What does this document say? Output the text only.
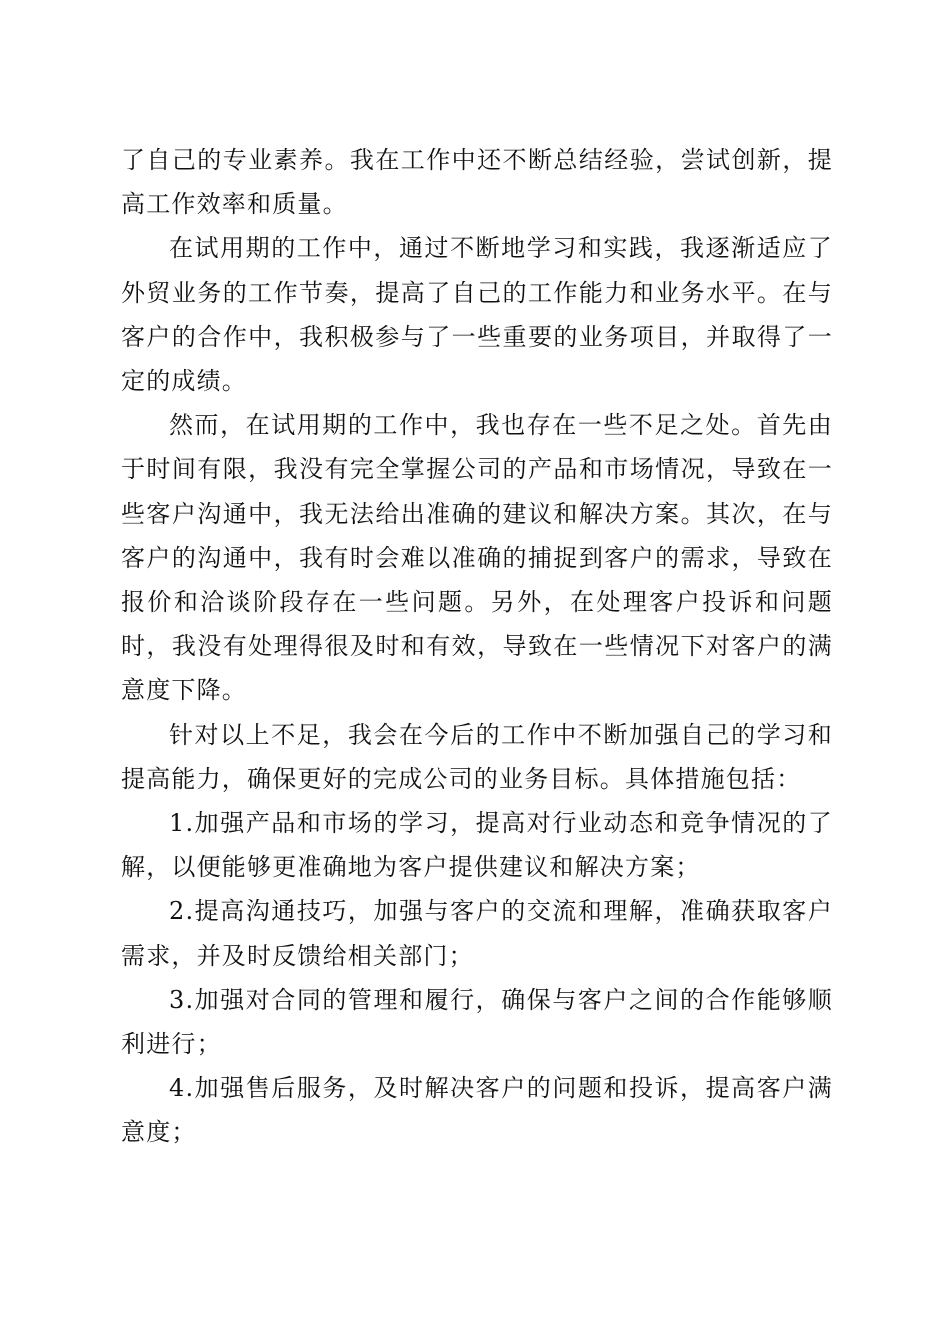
了自己的专业素养。我在工作中还不断总结经验，尝试创新，提高工作效率和质量。

在试用期的工作中，通过不断地学习和实践，我逐渐适应了外贸业务的工作节奏，提高了自己的工作能力和业务水平。在与客户的合作中，我积极参与了一些重要的业务项目，并取得了一定的成绩。

然而，在试用期的工作中，我也存在一些不足之处。首先由于时间有限，我没有完全掌握公司的产品和市场情况，导致在一些客户沟通中，我无法给出准确的建议和解决方案。其次，在与客户的沟通中，我有时会难以准确的捕捉到客户的需求，导致在报价和洽谈阶段存在一些问题。另外，在处理客户投诉和问题时，我没有处理得很及时和有效，导致在一些情况下对客户的满意度下降。

针对以上不足，我会在今后的工作中不断加强自己的学习和提高能力，确保更好的完成公司的业务目标。具体措施包括：

1.加强产品和市场的学习，提高对行业动态和竞争情况的了解，以便能够更准确地为客户提供建议和解决方案；

2.提高沟通技巧，加强与客户的交流和理解，准确获取客户需求，并及时反馈给相关部门；

3.加强对合同的管理和履行，确保与客户之间的合作能够顺利进行；

4.加强售后服务，及时解决客户的问题和投诉，提高客户满意度；
